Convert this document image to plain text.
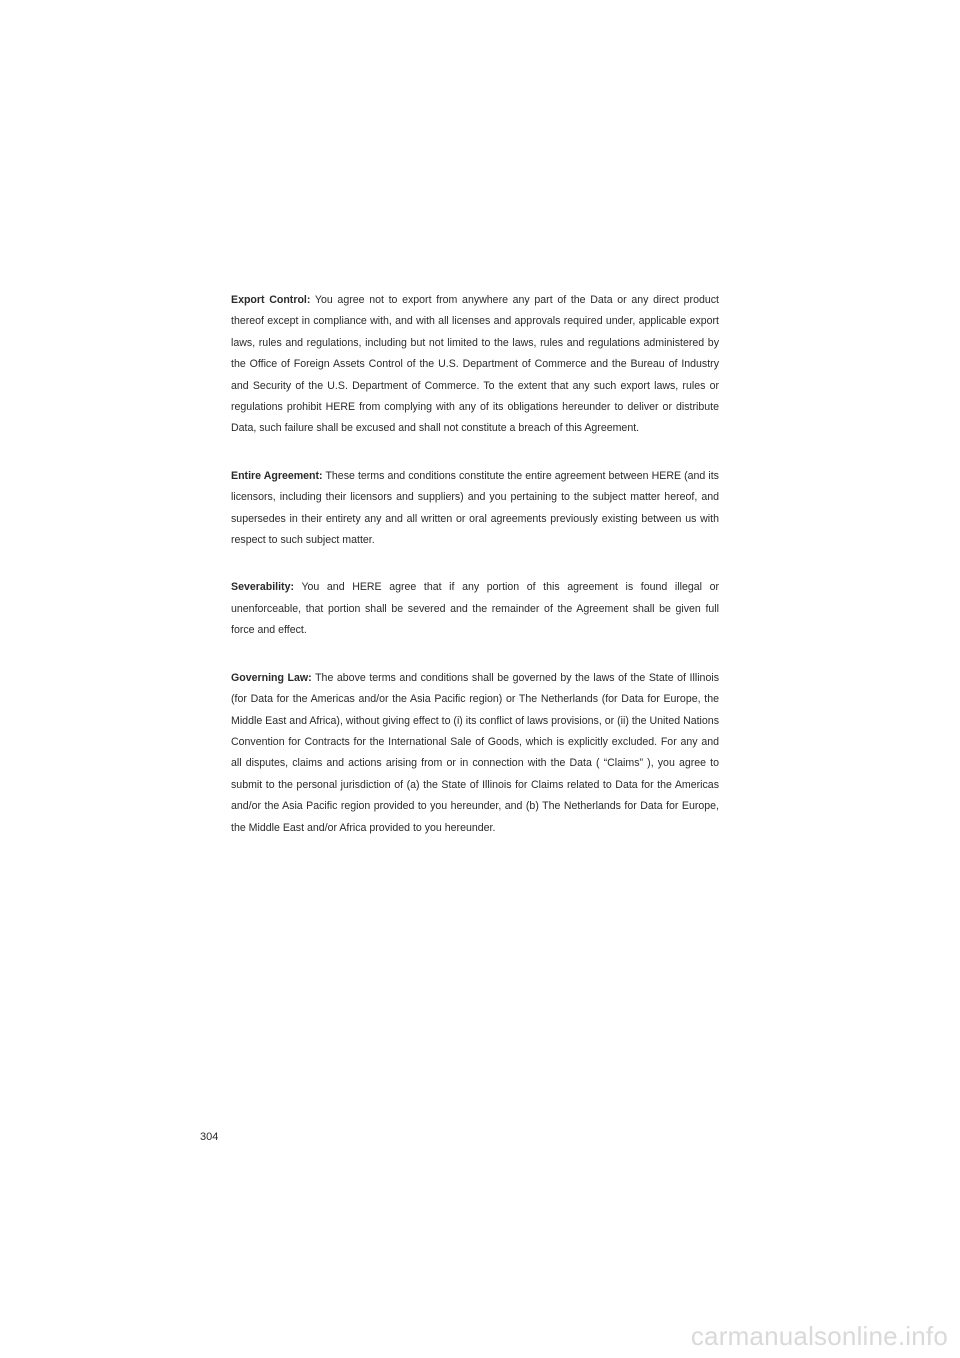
Export Control: You agree not to export from anywhere any part of the Data or any direct product thereof except in compliance with, and with all licenses and approvals required under, applicable export laws, rules and regulations, including but not limited to the laws, rules and regulations administered by the Office of Foreign Assets Control of the U.S. Department of Commerce and the Bureau of Industry and Security of the U.S. Department of Commerce. To the extent that any such export laws, rules or regulations prohibit HERE from complying with any of its obligations hereunder to deliver or distribute Data, such failure shall be excused and shall not constitute a breach of this Agreement.

Entire Agreement: These terms and conditions constitute the entire agreement between HERE (and its licensors, including their licensors and suppliers) and you pertaining to the subject matter hereof, and supersedes in their entirety any and all written or oral agreements previously existing between us with respect to such subject matter.

Severability: You and HERE agree that if any portion of this agreement is found illegal or unenforceable, that portion shall be severed and the remainder of the Agreement shall be given full force and effect.

Governing Law: The above terms and conditions shall be governed by the laws of the State of Illinois (for Data for the Americas and/or the Asia Pacific region) or The Netherlands (for Data for Europe, the Middle East and Africa), without giving effect to (i) its conflict of laws provisions, or (ii) the United Nations Convention for Contracts for the International Sale of Goods, which is explicitly excluded. For any and all disputes, claims and actions arising from or in connection with the Data ( “Claims” ), you agree to submit to the personal jurisdiction of (a) the State of Illinois for Claims related to Data for the Americas and/or the Asia Pacific region provided to you hereunder, and (b) The Netherlands for Data for Europe, the Middle East and/or Africa provided to you hereunder.

304
carmanualsonline.info
